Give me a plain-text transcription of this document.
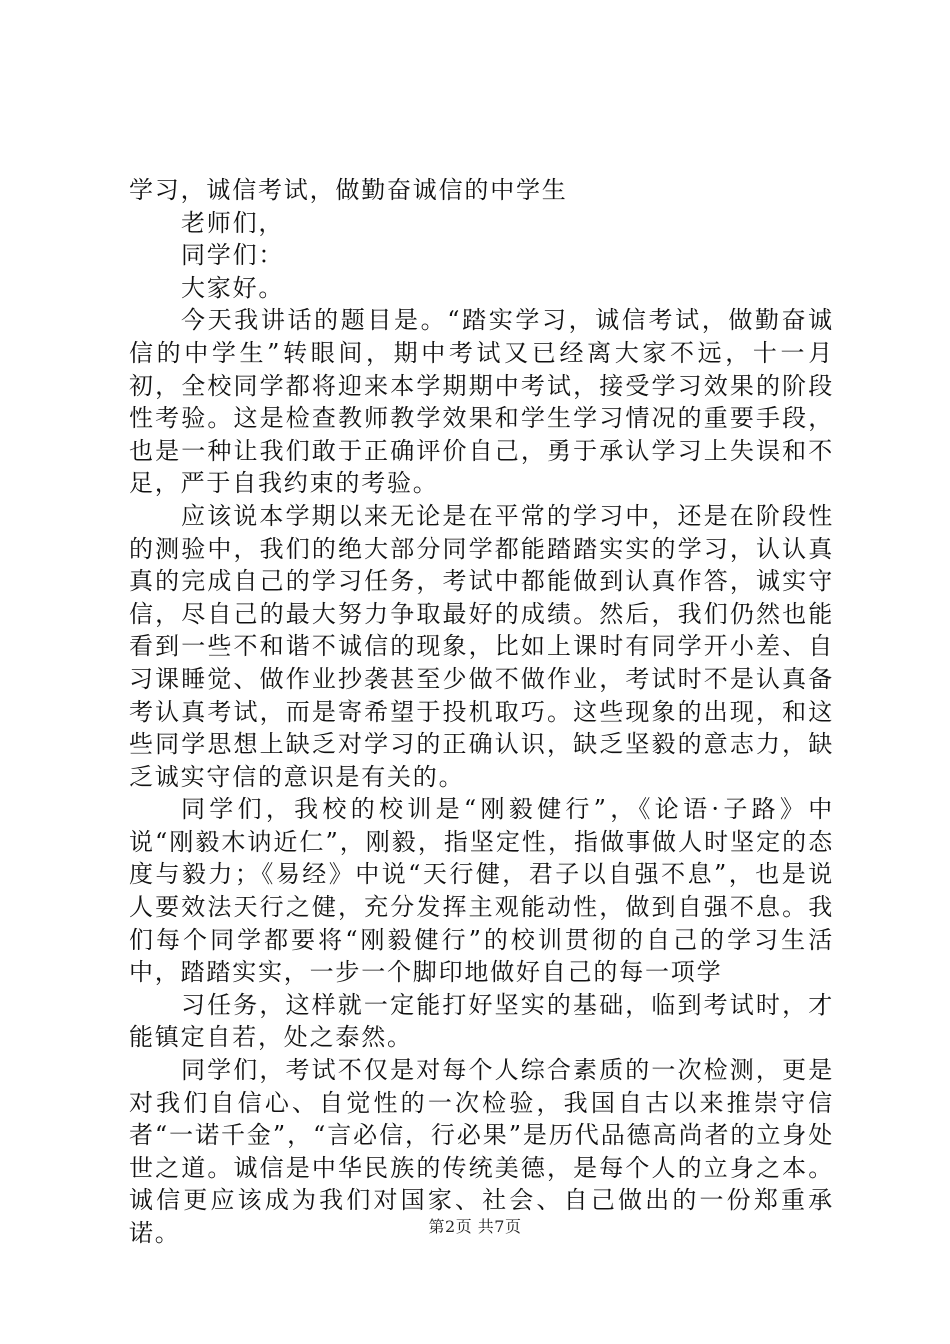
学习，诚信考试，做勤奋诚信的中学生

老师们，

同学们：

大家好。

今天我讲话的题目是。“踏实学习，诚信考试，做勤奋诚信的中学生”转眼间，期中考试又已经离大家不远，十一月初，全校同学都将迎来本学期期中考试，接受学习效果的阶段性考验。这是检查教师教学效果和学生学习情况的重要手段，也是一种让我们敢于正确评价自己，勇于承认学习上失误和不足，严于自我约束的考验。

应该说本学期以来无论是在平常的学习中，还是在阶段性的测验中，我们的绝大部分同学都能踏踏实实的学习，认认真真的完成自己的学习任务，考试中都能做到认真作答，诚实守信，尽自己的最大努力争取最好的成绩。然后，我们仍然也能看到一些不和谐不诚信的现象，比如上课时有同学开小差、自习课睡觉、做作业抄袭甚至少做不做作业，考试时不是认真备考认真考试，而是寄希望于投机取巧。这些现象的出现，和这些同学思想上缺乏对学习的正确认识，缺乏坚毅的意志力，缺乏诚实守信的意识是有关的。

同学们，我校的校训是“刚毅健行”，《论语·子路》中说“刚毅木讷近仁”，刚毅，指坚定性，指做事做人时坚定的态度与毅力；《易经》中说“天行健，君子以自强不息”，也是说人要效法天行之健，充分发挥主观能动性，做到自强不息。我们每个同学都要将“刚毅健行”的校训贯彻的自己的学习生活中，踏踏实实，一步一个脚印地做好自己的每一项学

习任务，这样就一定能打好坚实的基础，临到考试时，才能镇定自若，处之泰然。

同学们，考试不仅是对每个人综合素质的一次检测，更是对我们自信心、自觉性的一次检验，我国自古以来推崇守信者“一诺千金”，“言必信，行必果”是历代品德高尚者的立身处世之道。诚信是中华民族的传统美德，是每个人的立身之本。诚信更应该成为我们对国家、社会、自己做出的一份郑重承诺。	第2页 共7页
